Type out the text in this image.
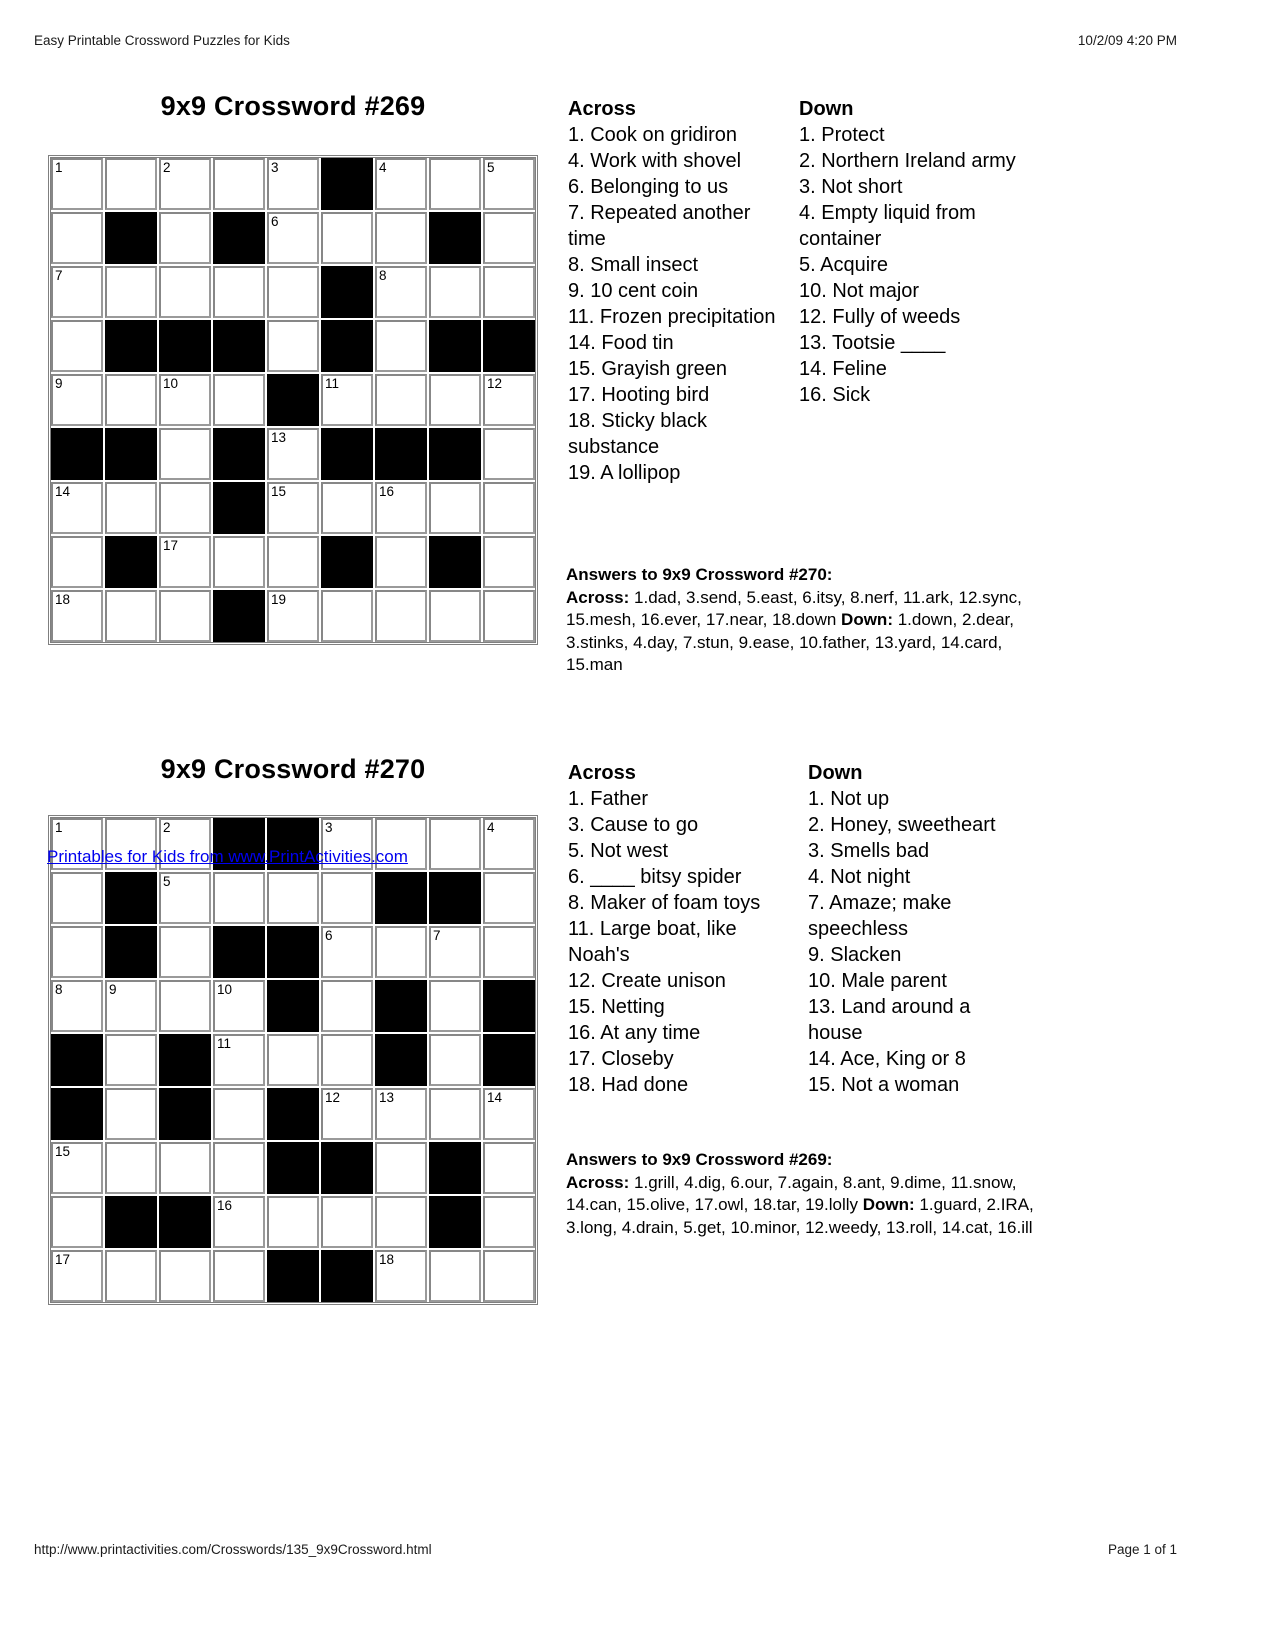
Easy Printable Crossword Puzzles for Kids	10/2/09 4:20 PM
9x9 Crossword #269
1	2	3	4	5
6
7	8
9	10	11	12
13
14	15	16
17
18	19
Across
1. Cook on gridiron
4. Work with shovel
6. Belonging to us
7. Repeated another time
8. Small insect
9. 10 cent coin
11. Frozen precipitation
14. Food tin
15. Grayish green
17. Hooting bird
18. Sticky black substance
19. A lollipop
Down
1. Protect
2. Northern Ireland army
3. Not short
4. Empty liquid from container
5. Acquire
10. Not major
12. Fully of weeds
13. Tootsie ____
14. Feline
16. Sick

Answers to 9x9 Crossword #270:
Across: 1.dad, 3.send, 5.east, 6.itsy, 8.nerf, 11.ark, 12.sync, 15.mesh, 16.ever, 17.near, 18.down Down: 1.down, 2.dear, 3.stinks, 4.day, 7.stun, 9.ease, 10.father, 13.yard, 14.card, 15.man

9x9 Crossword #270
1	2	3	4
5
6	7
8	9	10
11
12	13	14
15
16
17	18
Printables for Kids from www.PrintActivities.com
Across
1. Father
3. Cause to go
5. Not west
6. ____ bitsy spider
8. Maker of foam toys
11. Large boat, like Noah's
12. Create unison
15. Netting
16. At any time
17. Closeby
18. Had done
Down
1. Not up
2. Honey, sweetheart
3. Smells bad
4. Not night
7. Amaze; make speechless
9. Slacken
10. Male parent
13. Land around a house
14. Ace, King or 8
15. Not a woman

Answers to 9x9 Crossword #269:
Across: 1.grill, 4.dig, 6.our, 7.again, 8.ant, 9.dime, 11.snow, 14.can, 15.olive, 17.owl, 18.tar, 19.lolly Down: 1.guard, 2.IRA, 3.long, 4.drain, 5.get, 10.minor, 12.weedy, 13.roll, 14.cat, 16.ill

http://www.printactivities.com/Crosswords/135_9x9Crossword.html	Page 1 of 1
